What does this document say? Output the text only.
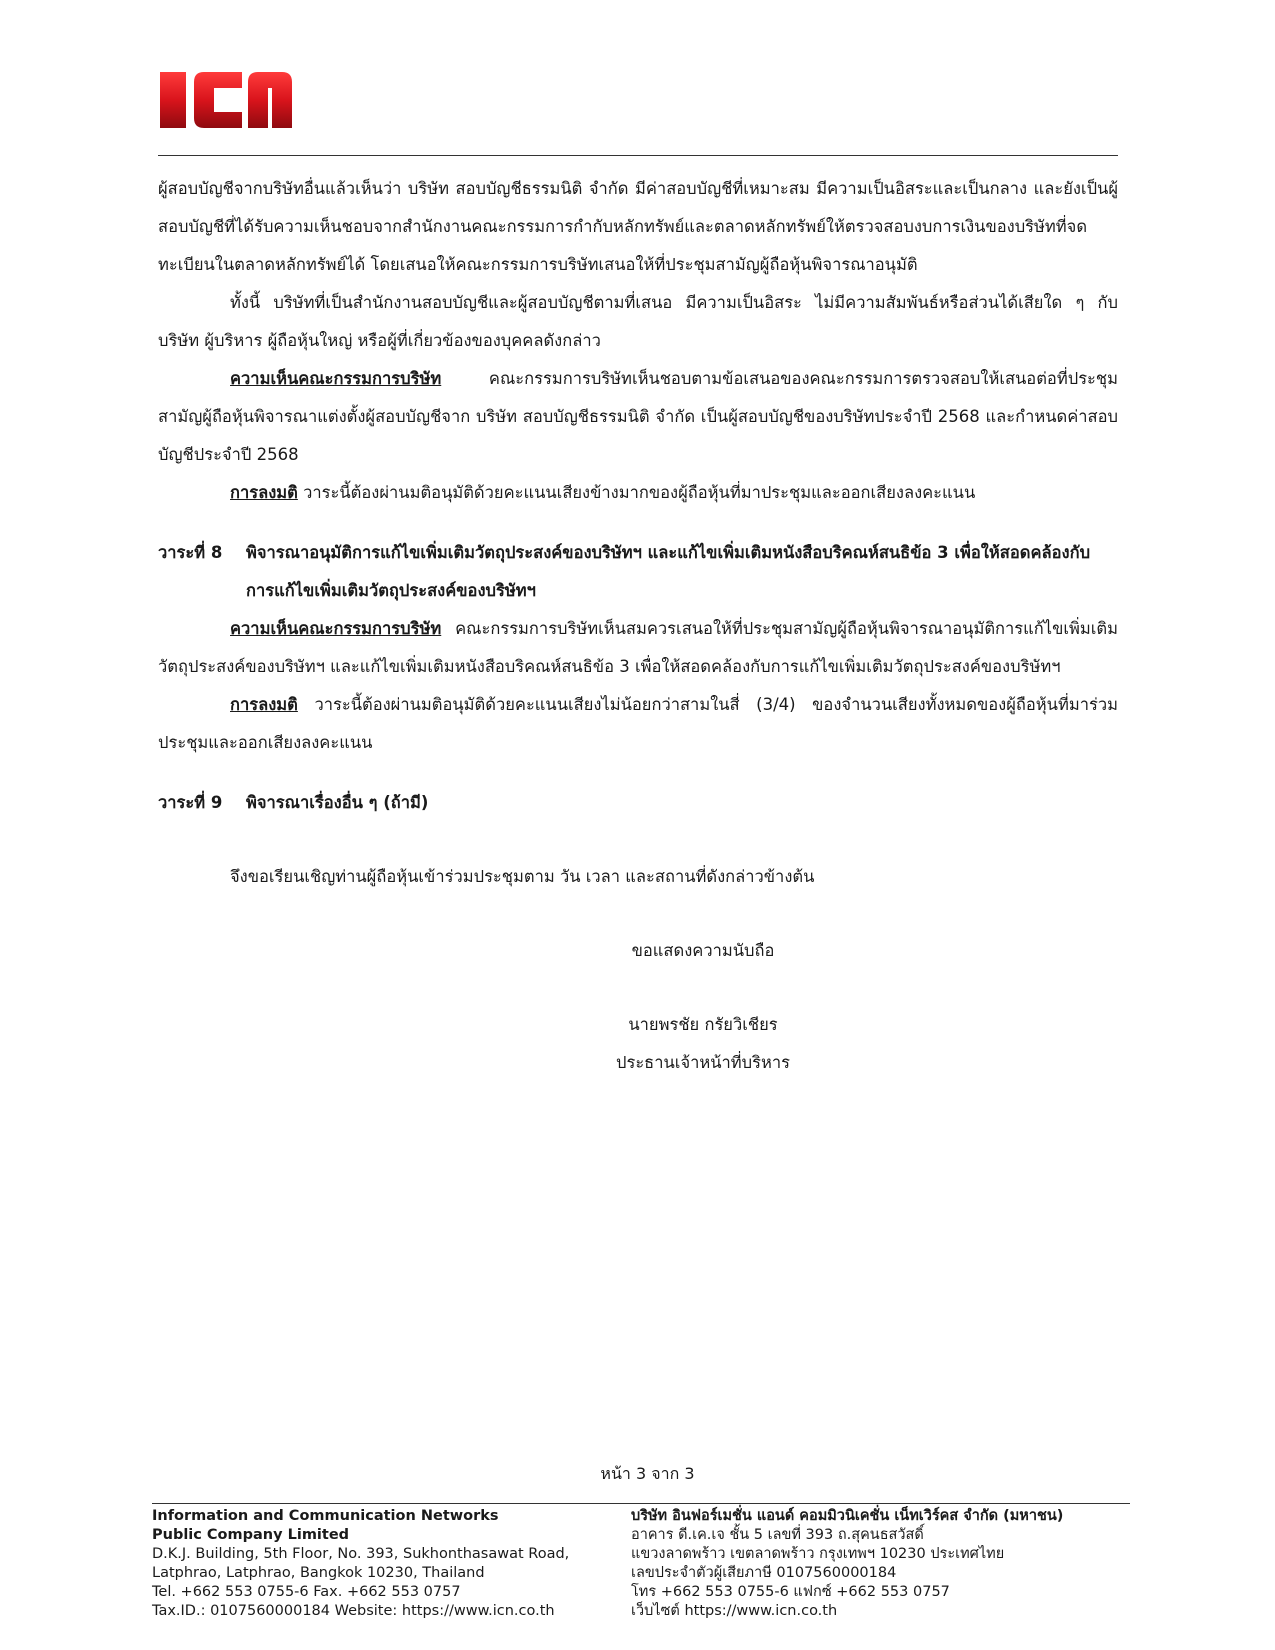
ผู้สอบบัญชีจากบริษัทอื่นแล้วเห็นว่า บริษัท สอบบัญชีธรรมนิติ จำกัด มีค่าสอบบัญชีที่เหมาะสม มีความเป็นอิสระและเป็นกลาง และยังเป็นผู้สอบบัญชีที่ได้รับความเห็นชอบจากสำนักงานคณะกรรมการกำกับหลักทรัพย์และตลาดหลักทรัพย์ให้ตรวจสอบงบการเงินของบริษัทที่จดทะเบียนในตลาดหลักทรัพย์ได้ โดยเสนอให้คณะกรรมการบริษัทเสนอให้ที่ประชุมสามัญผู้ถือหุ้นพิจารณาอนุมัติ

ทั้งนี้ บริษัทที่เป็นสำนักงานสอบบัญชีและผู้สอบบัญชีตามที่เสนอ มีความเป็นอิสระ ไม่มีความสัมพันธ์หรือส่วนได้เสียใด ๆ กับบริษัท ผู้บริหาร ผู้ถือหุ้นใหญ่ หรือผู้ที่เกี่ยวข้องของบุคคลดังกล่าว

ความเห็นคณะกรรมการบริษัท คณะกรรมการบริษัทเห็นชอบตามข้อเสนอของคณะกรรมการตรวจสอบให้เสนอต่อที่ประชุมสามัญผู้ถือหุ้นพิจารณาแต่งตั้งผู้สอบบัญชีจาก บริษัท สอบบัญชีธรรมนิติ จำกัด เป็นผู้สอบบัญชีของบริษัทประจำปี 2568 และกำหนดค่าสอบบัญชีประจำปี 2568

การลงมติ วาระนี้ต้องผ่านมติอนุมัติด้วยคะแนนเสียงข้างมากของผู้ถือหุ้นที่มาประชุมและออกเสียงลงคะแนน

วาระที่ 8	พิจารณาอนุมัติการแก้ไขเพิ่มเติมวัตถุประสงค์ของบริษัทฯ และแก้ไขเพิ่มเติมหนังสือบริคณห์สนธิข้อ 3 เพื่อให้สอดคล้องกับการแก้ไขเพิ่มเติมวัตถุประสงค์ของบริษัทฯ

ความเห็นคณะกรรมการบริษัท คณะกรรมการบริษัทเห็นสมควรเสนอให้ที่ประชุมสามัญผู้ถือหุ้นพิจารณาอนุมัติการแก้ไขเพิ่มเติมวัตถุประสงค์ของบริษัทฯ และแก้ไขเพิ่มเติมหนังสือบริคณห์สนธิข้อ 3 เพื่อให้สอดคล้องกับการแก้ไขเพิ่มเติมวัตถุประสงค์ของบริษัทฯ

การลงมติ วาระนี้ต้องผ่านมติอนุมัติด้วยคะแนนเสียงไม่น้อยกว่าสามในสี่ (3/4) ของจำนวนเสียงทั้งหมดของผู้ถือหุ้นที่มาร่วมประชุมและออกเสียงลงคะแนน

วาระที่ 9	พิจารณาเรื่องอื่น ๆ (ถ้ามี)

จึงขอเรียนเชิญท่านผู้ถือหุ้นเข้าร่วมประชุมตาม วัน เวลา และสถานที่ดังกล่าวข้างต้น

ขอแสดงความนับถือ

นายพรชัย กรัยวิเชียร

ประธานเจ้าหน้าที่บริหาร

หน้า 3 จาก 3
Information and Communication Networks
Public Company Limited
D.K.J. Building, 5th Floor, No. 393, Sukhonthasawat Road,
Latphrao, Latphrao, Bangkok 10230, Thailand
Tel. +662 553 0755-6 Fax. +662 553 0757
Tax.ID.: 0107560000184 Website: https://www.icn.co.th
บริษัท อินฟอร์เมชั่น แอนด์ คอมมิวนิเคชั่น เน็ทเวิร์คส จำกัด (มหาชน)
อาคาร ดี.เค.เจ ชั้น 5 เลขที่ 393 ถ.สุคนธสวัสดิ์
แขวงลาดพร้าว เขตลาดพร้าว กรุงเทพฯ 10230 ประเทศไทย
เลขประจำตัวผู้เสียภาษี 0107560000184
โทร +662 553 0755-6 แฟกซ์ +662 553 0757
เว็บไซต์ https://www.icn.co.th
